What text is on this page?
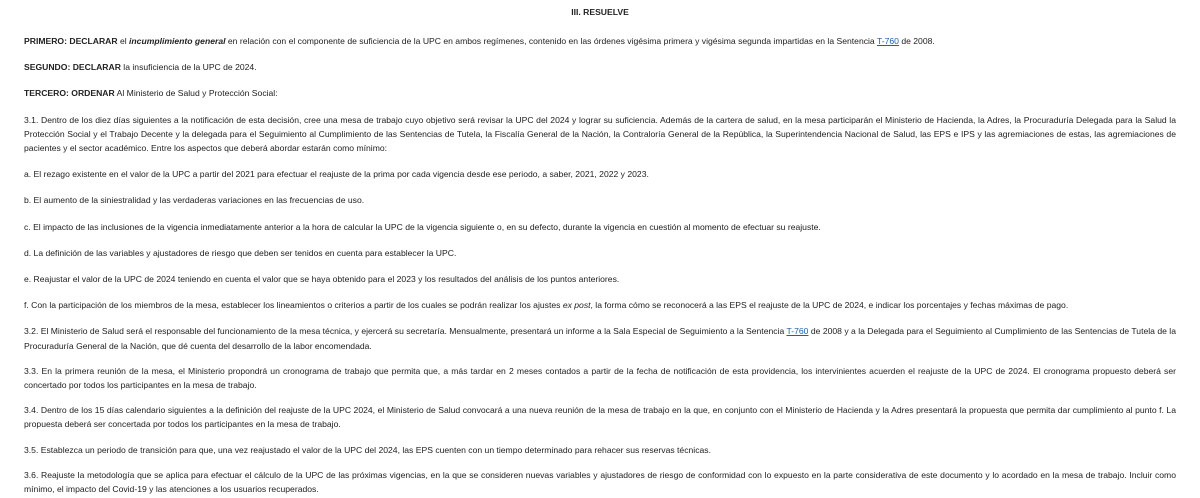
III. RESUELVE

PRIMERO: DECLARAR el incumplimiento general en relación con el componente de suficiencia de la UPC en ambos regímenes, contenido en las órdenes vigésima primera y vigésima segunda impartidas en la Sentencia T-760 de 2008.

SEGUNDO: DECLARAR la insuficiencia de la UPC de 2024.

TERCERO: ORDENAR Al Ministerio de Salud y Protección Social:

3.1. Dentro de los diez días siguientes a la notificación de esta decisión, cree una mesa de trabajo cuyo objetivo será revisar la UPC del 2024 y lograr su suficiencia. Además de la cartera de salud, en la mesa participarán el Ministerio de Hacienda, la Adres, la Procuraduría Delegada para la Salud la Protección Social y el Trabajo Decente y la delegada para el Seguimiento al Cumplimiento de las Sentencias de Tutela, la Fiscalía General de la Nación, la Contraloría General de la República, la Superintendencia Nacional de Salud, las EPS e IPS y las agremiaciones de estas, las agremiaciones de pacientes y el sector académico. Entre los aspectos que deberá abordar estarán como mínimo:

a. El rezago existente en el valor de la UPC a partir del 2021 para efectuar el reajuste de la prima por cada vigencia desde ese periodo, a saber, 2021, 2022 y 2023.

b. El aumento de la siniestralidad y las verdaderas variaciones en las frecuencias de uso.

c. El impacto de las inclusiones de la vigencia inmediatamente anterior a la hora de calcular la UPC de la vigencia siguiente o, en su defecto, durante la vigencia en cuestión al momento de efectuar su reajuste.

d. La definición de las variables y ajustadores de riesgo que deben ser tenidos en cuenta para establecer la UPC.

e. Reajustar el valor de la UPC de 2024 teniendo en cuenta el valor que se haya obtenido para el 2023 y los resultados del análisis de los puntos anteriores.

f. Con la participación de los miembros de la mesa, establecer los lineamientos o criterios a partir de los cuales se podrán realizar los ajustes ex post, la forma cómo se reconocerá a las EPS el reajuste de la UPC de 2024, e indicar los porcentajes y fechas máximas de pago.

3.2. El Ministerio de Salud será el responsable del funcionamiento de la mesa técnica, y ejercerá su secretaría. Mensualmente, presentará un informe a la Sala Especial de Seguimiento a la Sentencia T-760 de 2008 y a la Delegada para el Seguimiento al Cumplimiento de las Sentencias de Tutela de la Procuraduría General de la Nación, que dé cuenta del desarrollo de la labor encomendada.

3.3. En la primera reunión de la mesa, el Ministerio propondrá un cronograma de trabajo que permita que, a más tardar en 2 meses contados a partir de la fecha de notificación de esta providencia, los intervinientes acuerden el reajuste de la UPC de 2024. El cronograma propuesto deberá ser concertado por todos los participantes en la mesa de trabajo.

3.4. Dentro de los 15 días calendario siguientes a la definición del reajuste de la UPC 2024, el Ministerio de Salud convocará a una nueva reunión de la mesa de trabajo en la que, en conjunto con el Ministerio de Hacienda y la Adres presentará la propuesta que permita dar cumplimiento al punto f. La propuesta deberá ser concertada por todos los participantes en la mesa de trabajo.

3.5. Establezca un periodo de transición para que, una vez reajustado el valor de la UPC del 2024, las EPS cuenten con un tiempo determinado para rehacer sus reservas técnicas.

3.6. Reajuste la metodología que se aplica para efectuar el cálculo de la UPC de las próximas vigencias, en la que se consideren nuevas variables y ajustadores de riesgo de conformidad con lo expuesto en la parte considerativa de este documento y lo acordado en la mesa de trabajo. Incluir como mínimo, el impacto del Covid-19 y las atenciones a los usuarios recuperados.
